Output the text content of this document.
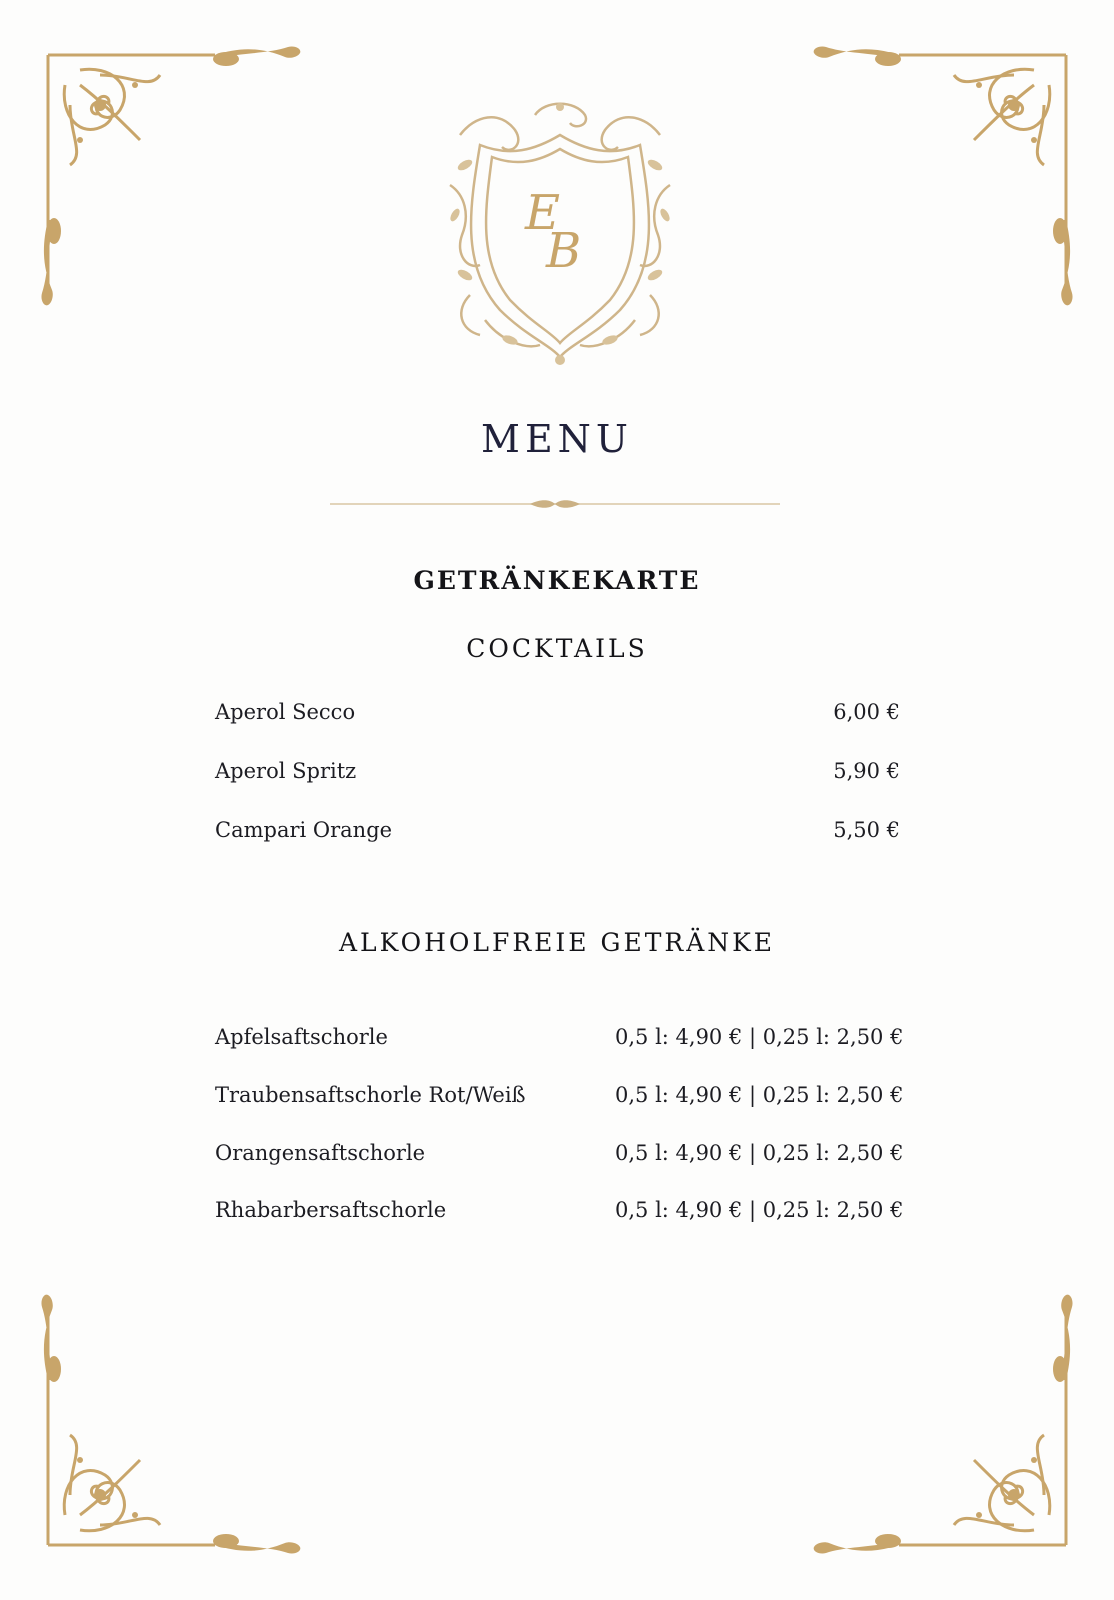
E
B
MENU
GETRÄNKEKARTE
COCKTAILS
Aperol Secco	6,00 €
Aperol Spritz	5,90 €
Campari Orange	5,50 €
ALKOHOLFREIE GETRÄNKE
Apfelsaftschorle	0,5 l: 4,90 € | 0,25 l: 2,50 €
Traubensaftschorle Rot/Weiß	0,5 l: 4,90 € | 0,25 l: 2,50 €
Orangensaftschorle	0,5 l: 4,90 € | 0,25 l: 2,50 €
Rhabarbersaftschorle	0,5 l: 4,90 € | 0,25 l: 2,50 €
